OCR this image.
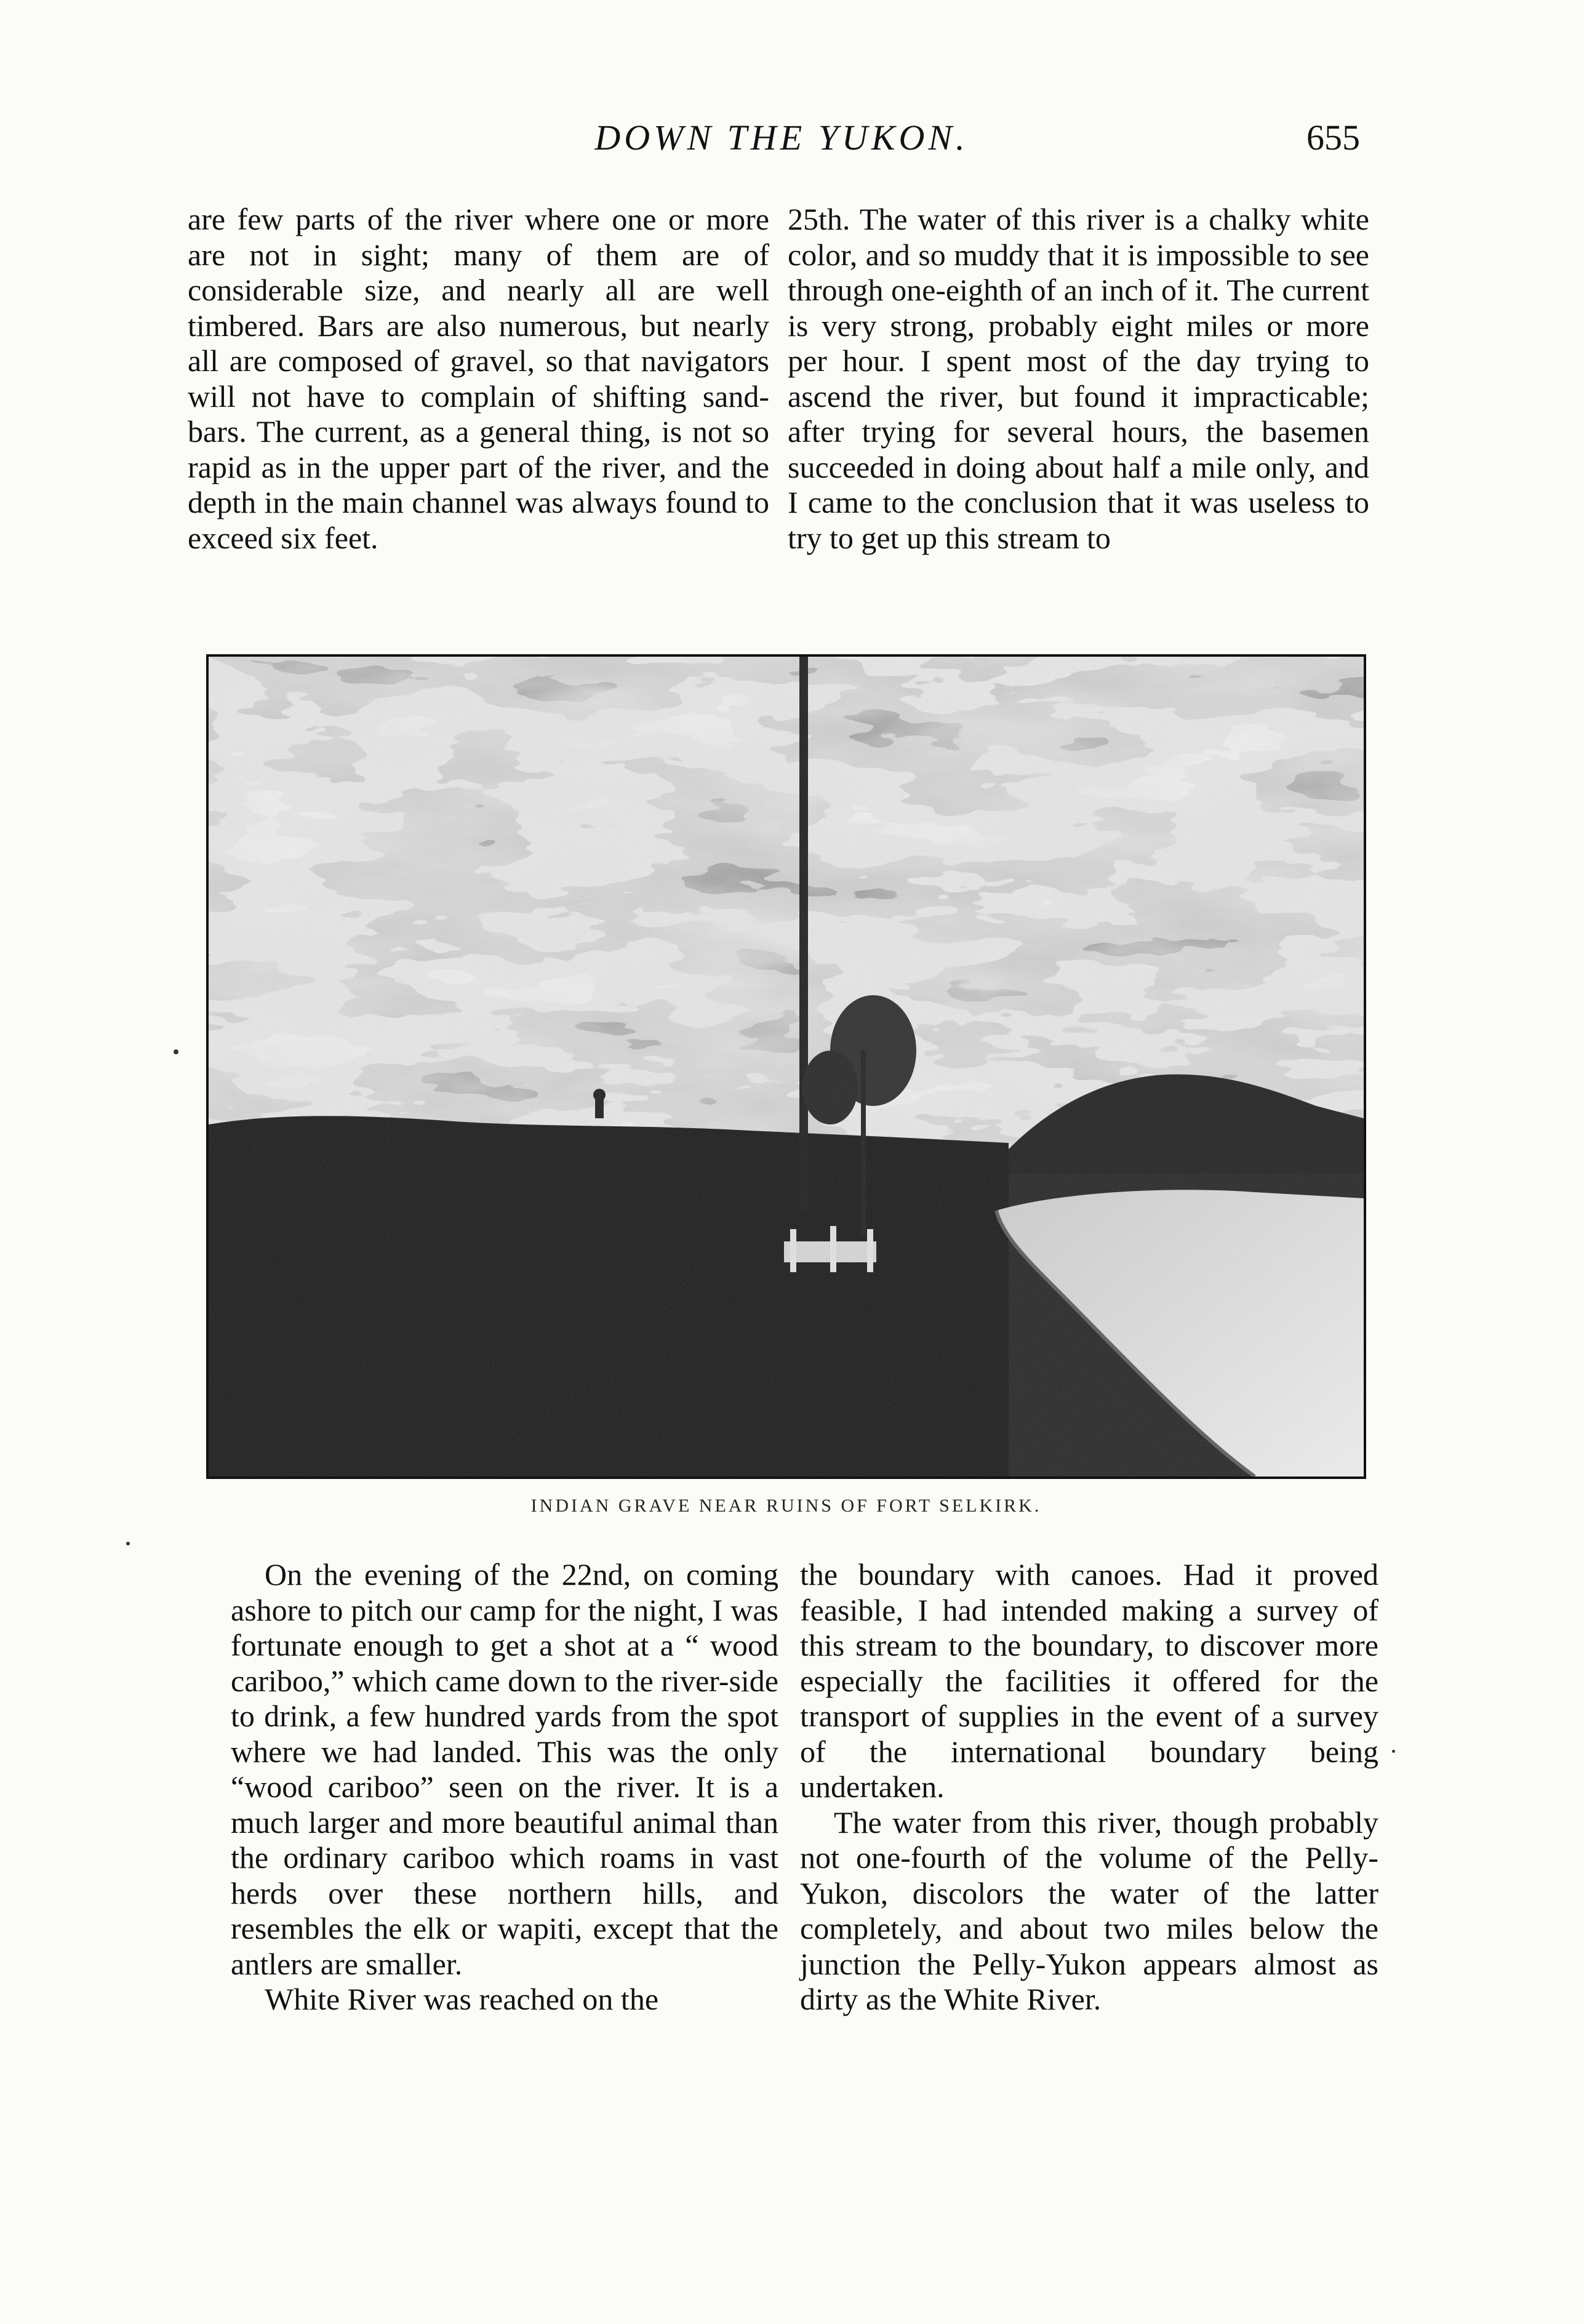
DOWN THE YUKON.	655

are few parts of the river where one or more are not in sight; many of them are of considerable size, and nearly all are well timbered. Bars are also numerous, but nearly all are composed of gravel, so that navigators will not have to complain of shifting sand-bars. The current, as a general thing, is not so rapid as in the upper part of the river, and the depth in the main channel was always found to exceed six feet.

25th. The water of this river is a chalky white color, and so muddy that it is impossible to see through one-eighth of an inch of it. The current is very strong, probably eight miles or more per hour. I spent most of the day trying to ascend the river, but found it impracticable; after trying for several hours, the basemen succeeded in doing about half a mile only, and I came to the conclusion that it was useless to try to get up this stream to

INDIAN GRAVE NEAR RUINS OF FORT SELKIRK.

On the evening of the 22nd, on coming ashore to pitch our camp for the night, I was fortunate enough to get a shot at a “ wood cariboo,” which came down to the river-side to drink, a few hundred yards from the spot where we had landed. This was the only “wood cariboo” seen on the river. It is a much larger and more beautiful animal than the ordinary cariboo which roams in vast herds over these northern hills, and resembles the elk or wapiti, except that the antlers are smaller.

White River was reached on the

the boundary with canoes. Had it proved feasible, I had intended making a survey of this stream to the boundary, to discover more especially the facilities it offered for the transport of supplies in the event of a survey of the international boundary being undertaken.

The water from this river, though probably not one-fourth of the volume of the Pelly-Yukon, discolors the water of the latter completely, and about two miles below the junction the Pelly-Yukon appears almost as dirty as the White River.
